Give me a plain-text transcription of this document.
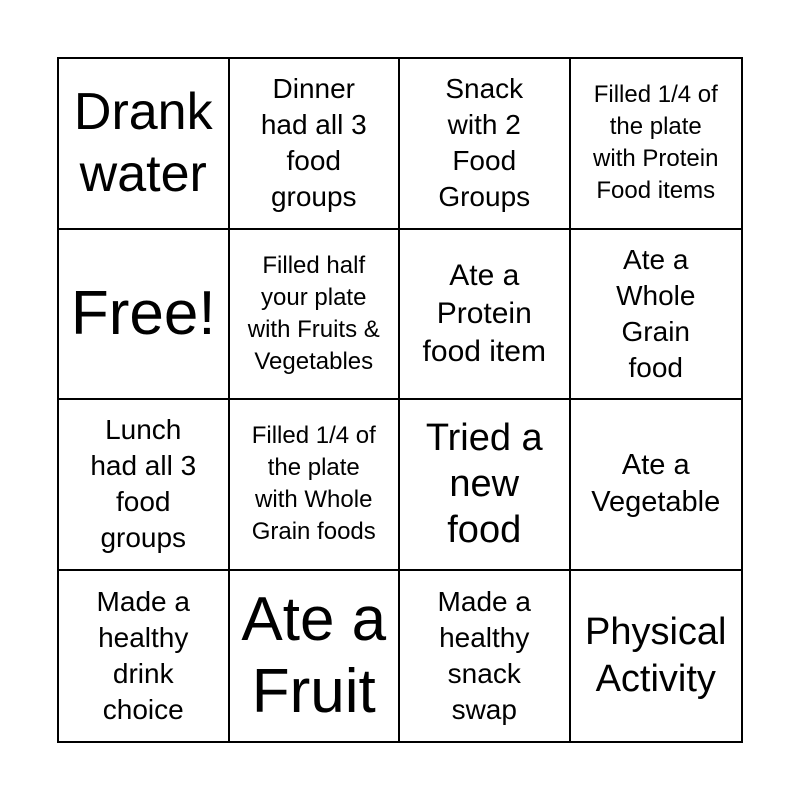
Drank
water
Dinner
had all 3
food
groups
Snack
with 2
Food
Groups
Filled 1/4 of
the plate
with Protein
Food items
Free!
Filled half
your plate
with Fruits &
Vegetables
Ate a
Protein
food item
Ate a
Whole
Grain
food
Lunch
had all 3
food
groups
Filled 1/4 of
the plate
with Whole
Grain foods
Tried a
new
food
Ate a
Vegetable
Made a
healthy
drink
choice
Ate a
Fruit
Made a
healthy
snack
swap
Physical
Activity
